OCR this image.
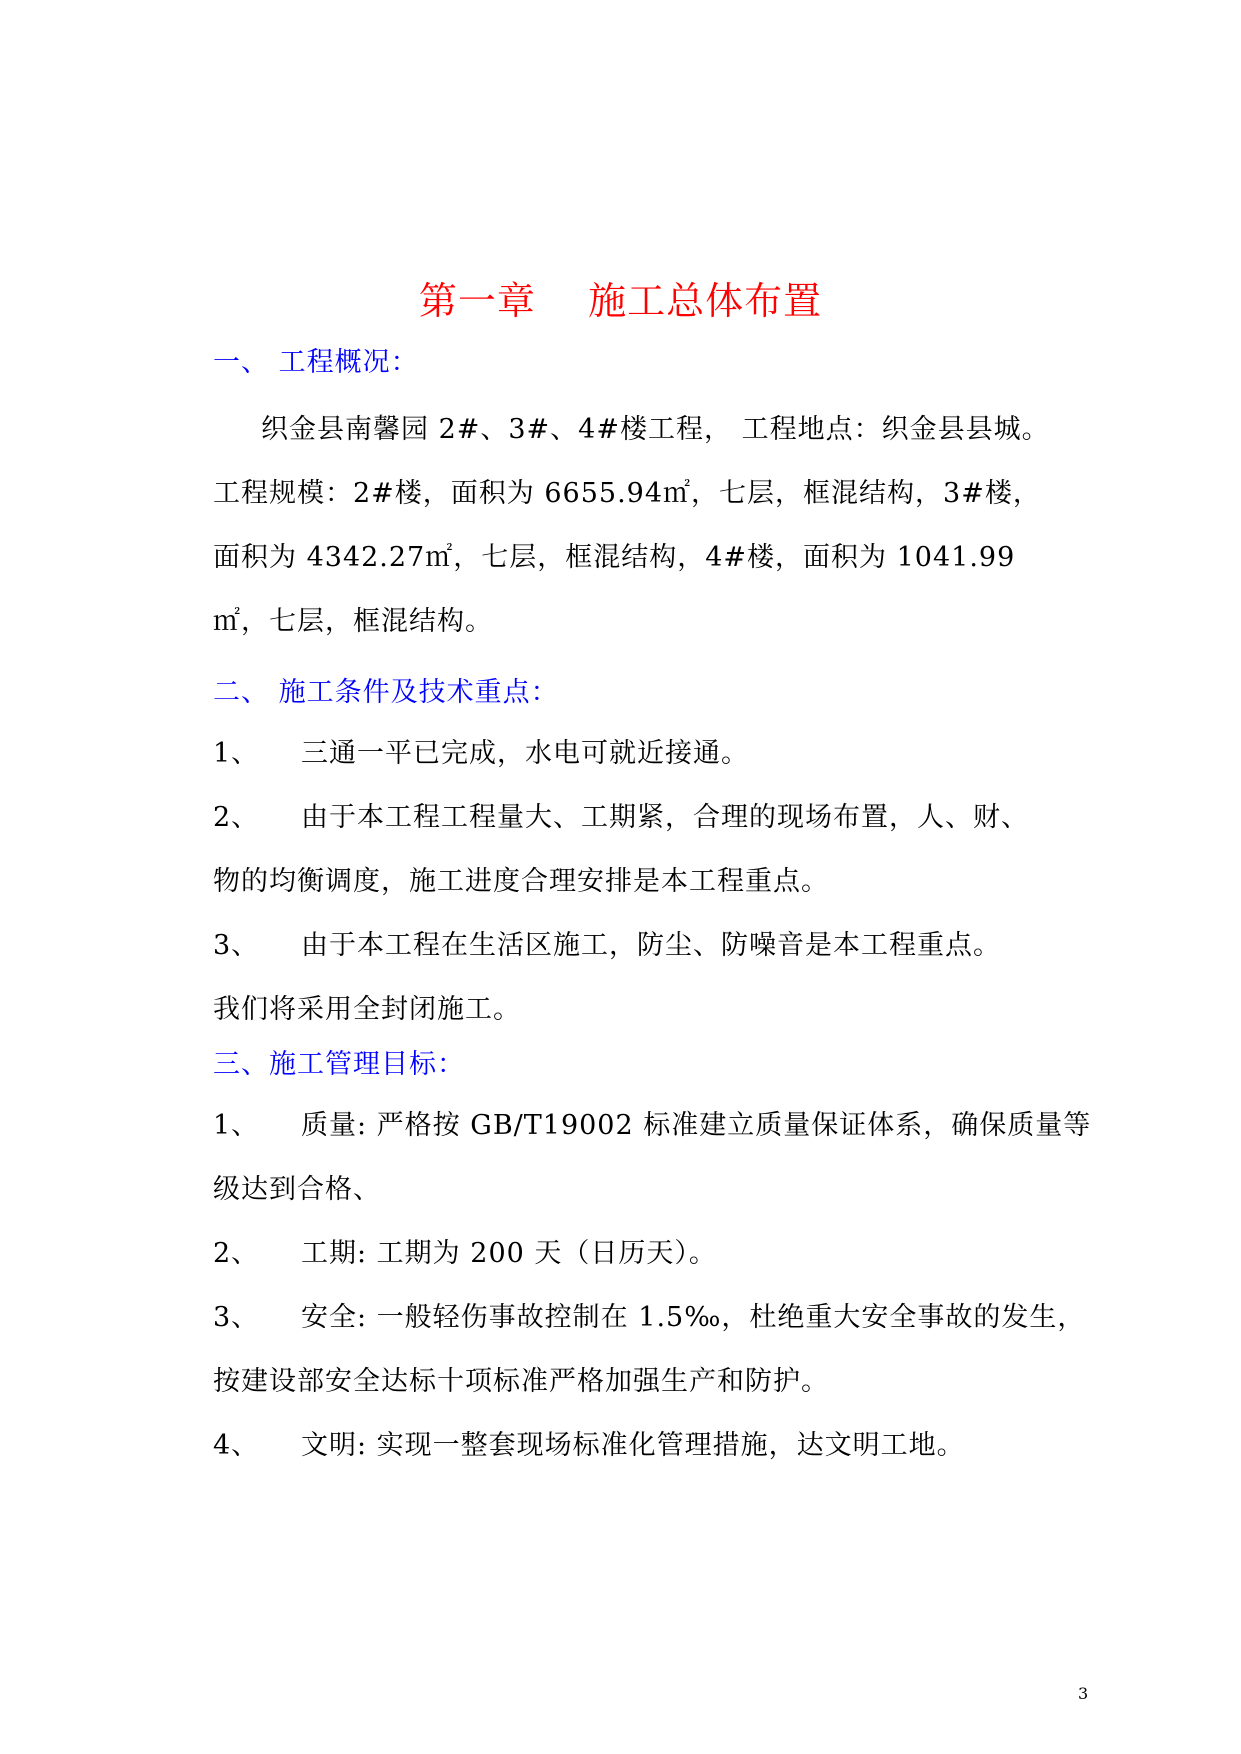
第一章    施工总体布置
一、 工程概况：
织金县南馨园 2#、3#、4#楼工程， 工程地点：织金县县城。
工程规模：2#楼，面积为 6655.94㎡，七层，框混结构，3#楼，
面积为 4342.27㎡，七层，框混结构，4#楼，面积为 1041.99
㎡，七层，框混结构。
二、 施工条件及技术重点：
1、	三通一平已完成，水电可就近接通。
2、	由于本工程工程量大、工期紧，合理的现场布置，人、财、
物的均衡调度，施工进度合理安排是本工程重点。
3、	由于本工程在生活区施工，防尘、防噪音是本工程重点。
我们将采用全封闭施工。
三、施工管理目标：
1、	质量: 严格按 GB/T19002 标准建立质量保证体系，确保质量等
级达到合格、
2、	工期: 工期为 200 天（日历天）。
3、	安全: 一般轻伤事故控制在 1.5‰，杜绝重大安全事故的发生，
按建设部安全达标十项标准严格加强生产和防护。
4、	文明: 实现一整套现场标准化管理措施，达文明工地。
3
